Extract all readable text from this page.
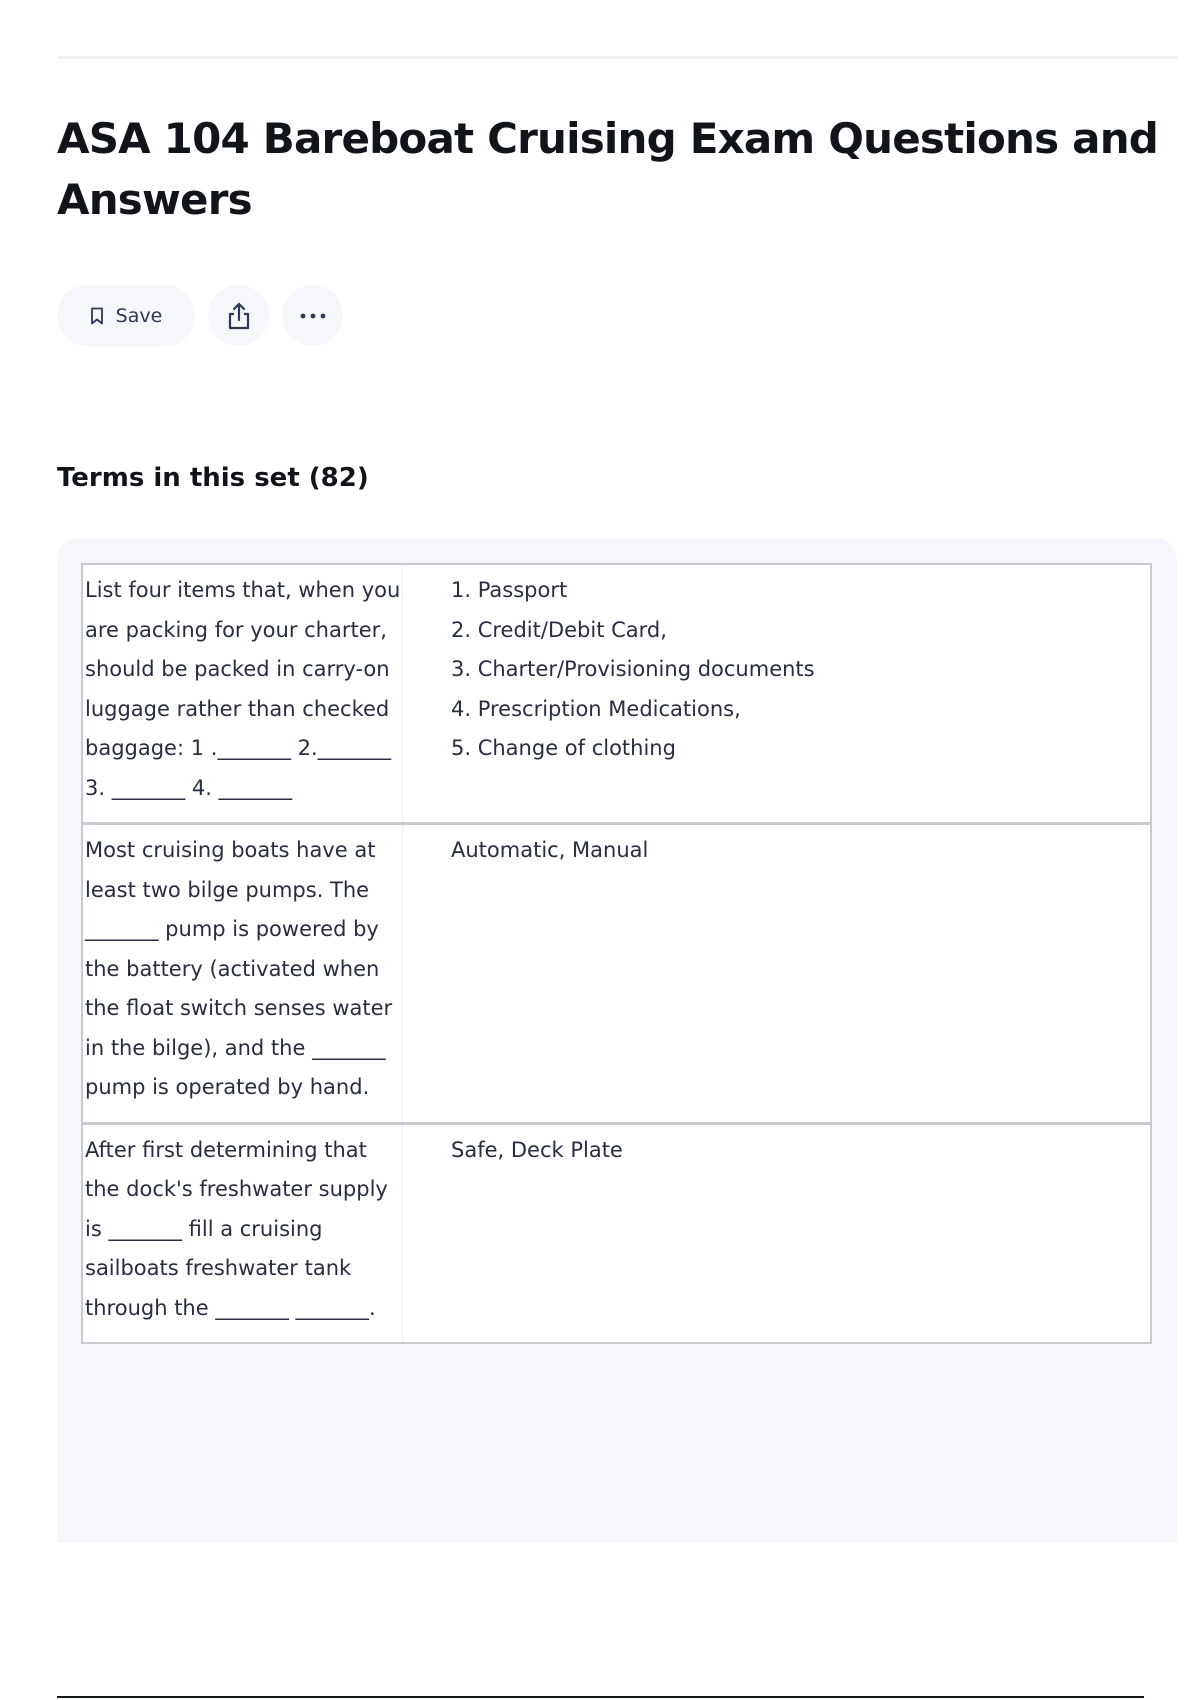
ASA 104 Bareboat Cruising Exam Questions and Answers
Save
Terms in this set (82)
List four items that, when you are packing for your charter, should be packed in carry-on luggage rather than checked baggage: 1 ._______ 2._______ 3. _______ 4. _______
1. Passport
2. Credit/Debit Card,
3. Charter/Provisioning documents
4. Prescription Medications,
5. Change of clothing
Most cruising boats have at least two bilge pumps. The _______ pump is powered by the battery (activated when the float switch senses water in the bilge), and the _______ pump is operated by hand.
Automatic, Manual
After first determining that the dock's freshwater supply is _______ fill a cruising sailboats freshwater tank through the _______ _______.
Safe, Deck Plate
